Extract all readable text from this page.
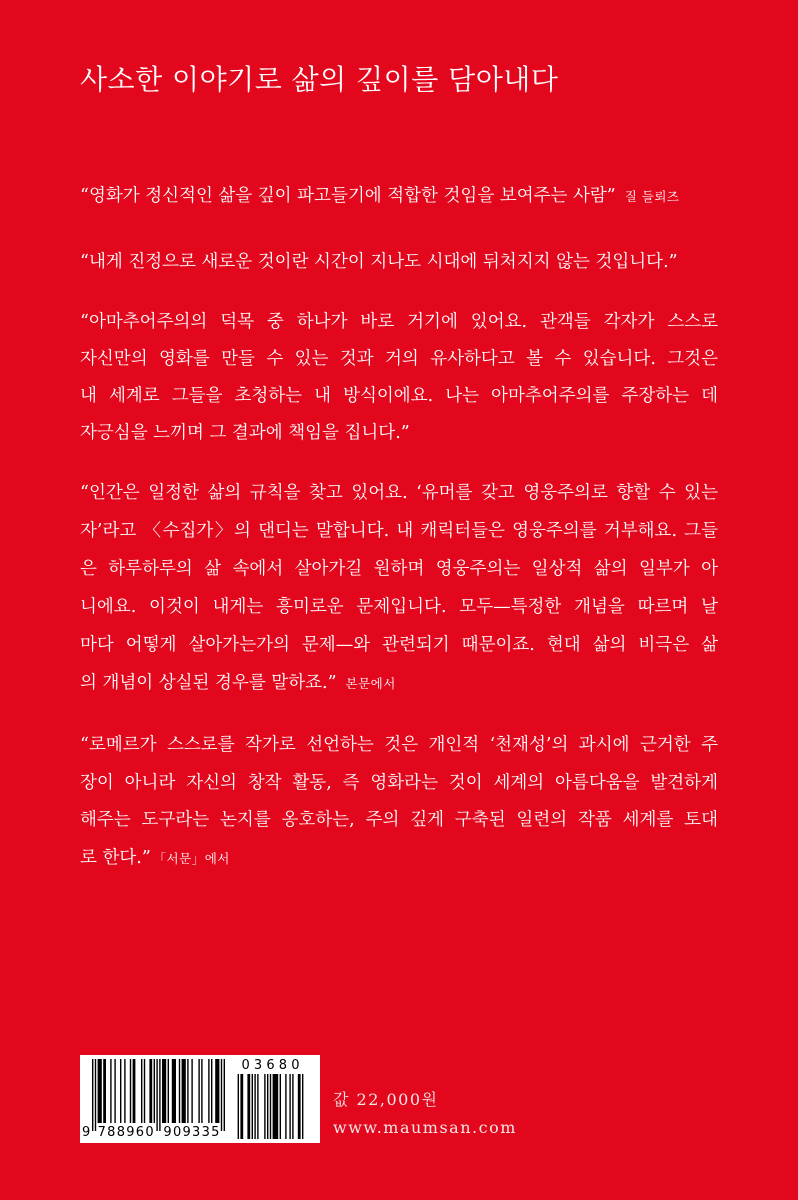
사소한 이야기로 삶의 깊이를 담아내다
“영화가 정신적인 삶을 깊이 파고들기에 적합한 것임을 보여주는 사람” 질 들뢰즈
“내게 진정으로 새로운 것이란 시간이 지나도 시대에 뒤처지지 않는 것입니다.”
“아마추어주의의 덕목 중 하나가 바로 거기에 있어요. 관객들 각자가 스스로
자신만의 영화를 만들 수 있는 것과 거의 유사하다고 볼 수 있습니다. 그것은
내 세계로 그들을 초청하는 내 방식이에요. 나는 아마추어주의를 주장하는 데
자긍심을 느끼며 그 결과에 책임을 집니다.”
“인간은 일정한 삶의 규칙을 찾고 있어요. ‘유머를 갖고 영웅주의로 향할 수 있는
자’라고 〈수집가〉의 댄디는 말합니다. 내 캐릭터들은 영웅주의를 거부해요. 그들
은 하루하루의 삶 속에서 살아가길 원하며 영웅주의는 일상적 삶의 일부가 아
니에요. 이것이 내게는 흥미로운 문제입니다. 모두—특정한 개념을 따르며 날
마다 어떻게 살아가는가의 문제—와 관련되기 때문이죠. 현대 삶의 비극은 삶
의 개념이 상실된 경우를 말하죠.” 본문에서
“로메르가 스스로를 작가로 선언하는 것은 개인적 ‘천재성’의 과시에 근거한 주
장이 아니라 자신의 창작 활동, 즉 영화라는 것이 세계의 아름다움을 발견하게
해주는 도구라는 논지를 옹호하는, 주의 깊게 구축된 일련의 작품 세계를 토대
로 한다.” 「서문」에서
9 788960 909335
03680
값 22,000원
www.maumsan.com
